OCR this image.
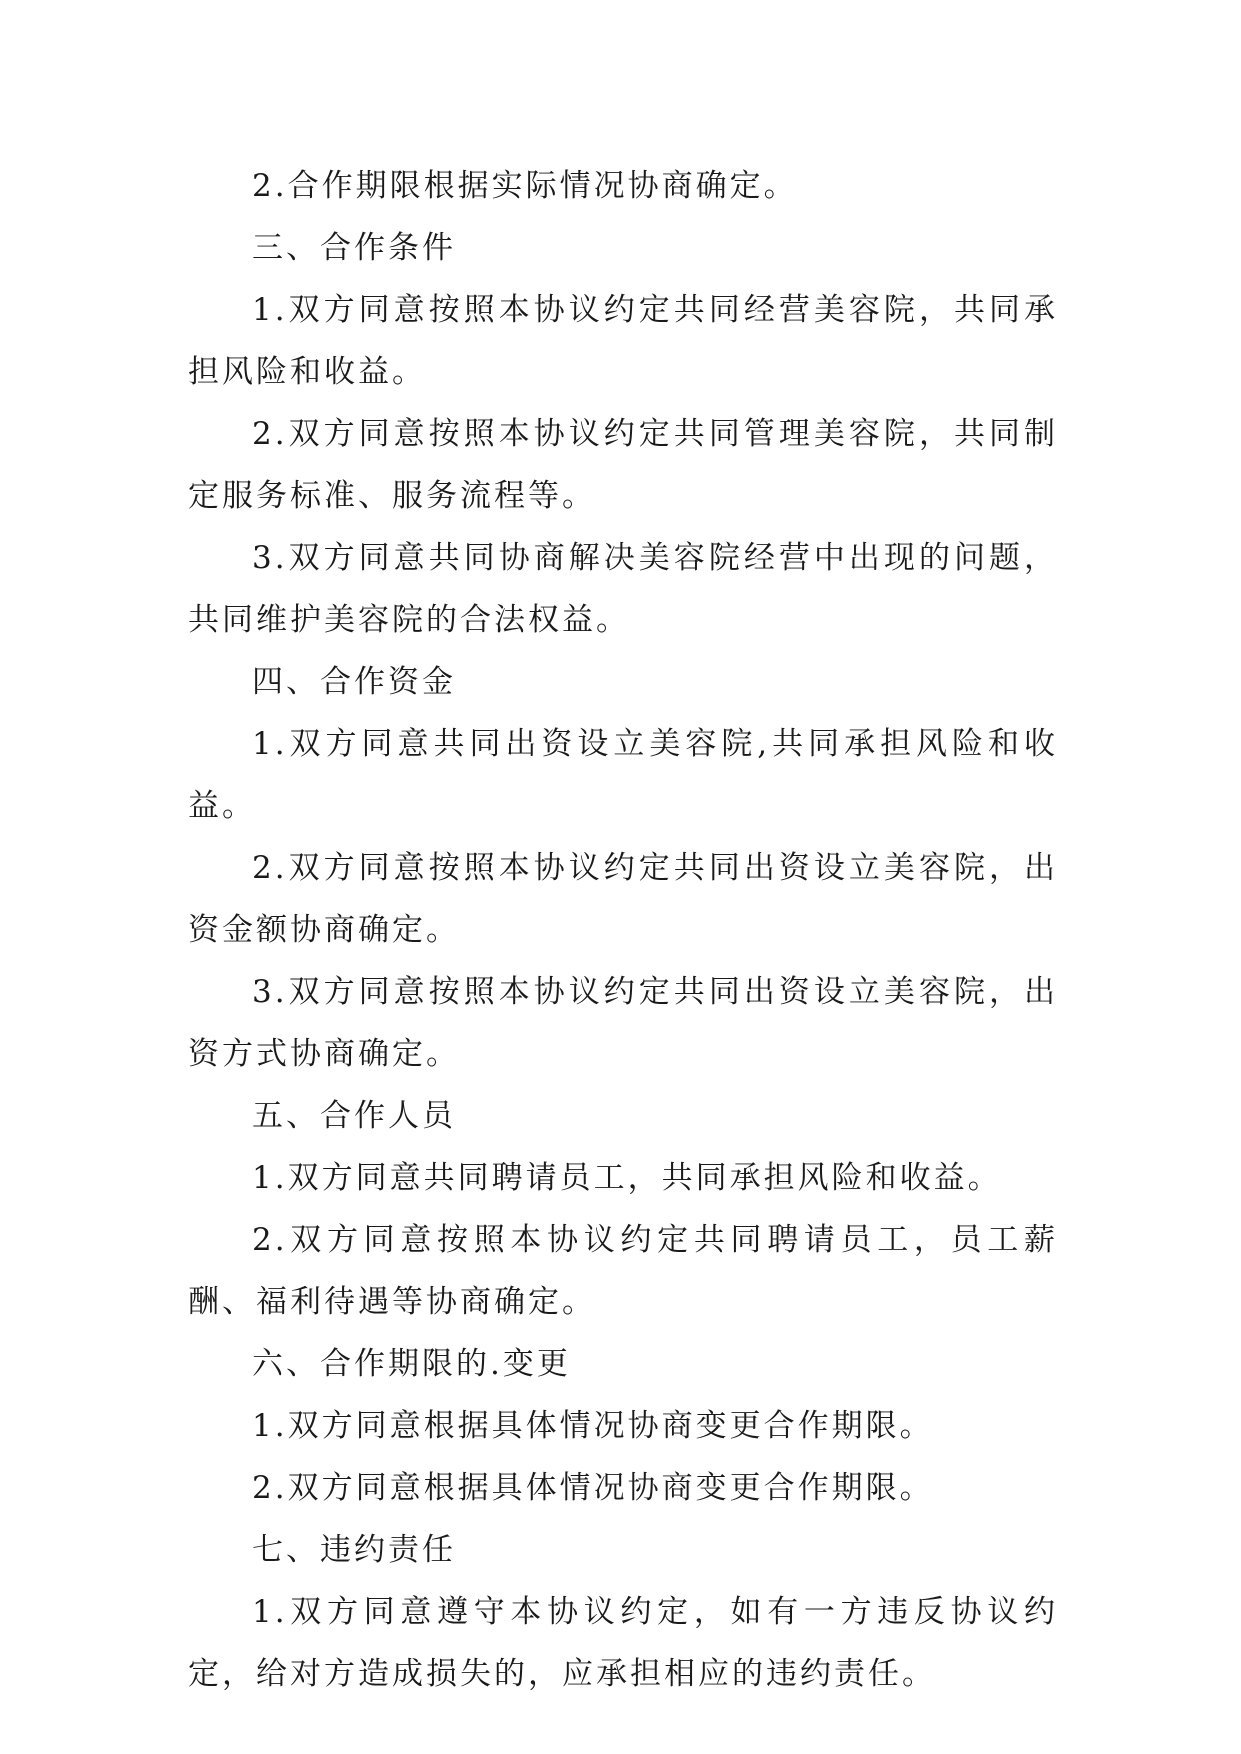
2.合作期限根据实际情况协商确定。

三、合作条件

1.双方同意按照本协议约定共同经营美容院，共同承担风险和收益。

2.双方同意按照本协议约定共同管理美容院，共同制定服务标准、服务流程等。

3.双方同意共同协商解决美容院经营中出现的问题，共同维护美容院的合法权益。

四、合作资金

1.双方同意共同出资设立美容院,共同承担风险和收益。

2.双方同意按照本协议约定共同出资设立美容院，出资金额协商确定。

3.双方同意按照本协议约定共同出资设立美容院，出资方式协商确定。

五、合作人员

1.双方同意共同聘请员工，共同承担风险和收益。

2.双方同意按照本协议约定共同聘请员工，员工薪酬、福利待遇等协商确定。

六、合作期限的.变更

1.双方同意根据具体情况协商变更合作期限。

2.双方同意根据具体情况协商变更合作期限。

七、违约责任

1.双方同意遵守本协议约定，如有一方违反协议约定，给对方造成损失的，应承担相应的违约责任。
